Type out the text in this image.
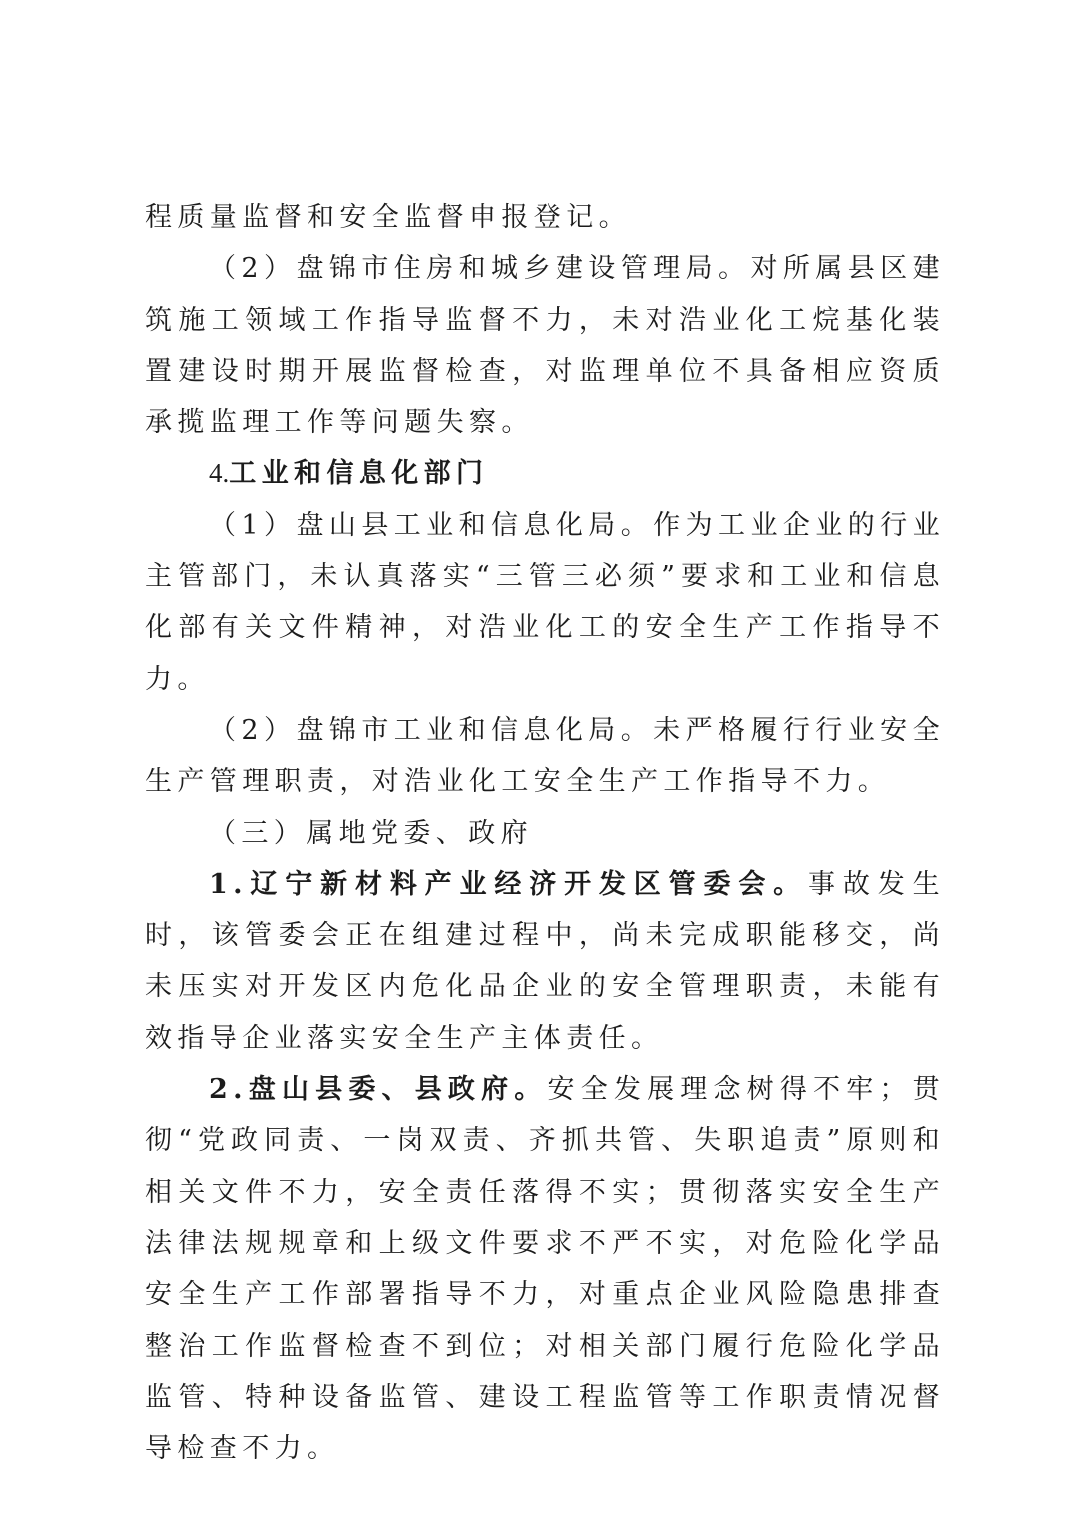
程质量监督和安全监督申报登记。

（2）盘锦市住房和城乡建设管理局。对所属县区建筑施工领域工作指导监督不力，未对浩业化工烷基化装置建设时期开展监督检查，对监理单位不具备相应资质承揽监理工作等问题失察。

4.工业和信息化部门

（1）盘山县工业和信息化局。作为工业企业的行业主管部门，未认真落实“三管三必须”要求和工业和信息化部有关文件精神，对浩业化工的安全生产工作指导不力。

（2）盘锦市工业和信息化局。未严格履行行业安全生产管理职责，对浩业化工安全生产工作指导不力。

（三）属地党委、政府

1.辽宁新材料产业经济开发区管委会。事故发生时，该管委会正在组建过程中，尚未完成职能移交，尚未压实对开发区内危化品企业的安全管理职责，未能有效指导企业落实安全生产主体责任。

2.盘山县委、县政府。安全发展理念树得不牢；贯彻“党政同责、一岗双责、齐抓共管、失职追责”原则和相关文件不力，安全责任落得不实；贯彻落实安全生产法律法规规章和上级文件要求不严不实，对危险化学品安全生产工作部署指导不力，对重点企业风险隐患排查整治工作监督检查不到位；对相关部门履行危险化学品监管、特种设备监管、建设工程监管等工作职责情况督导检查不力。
